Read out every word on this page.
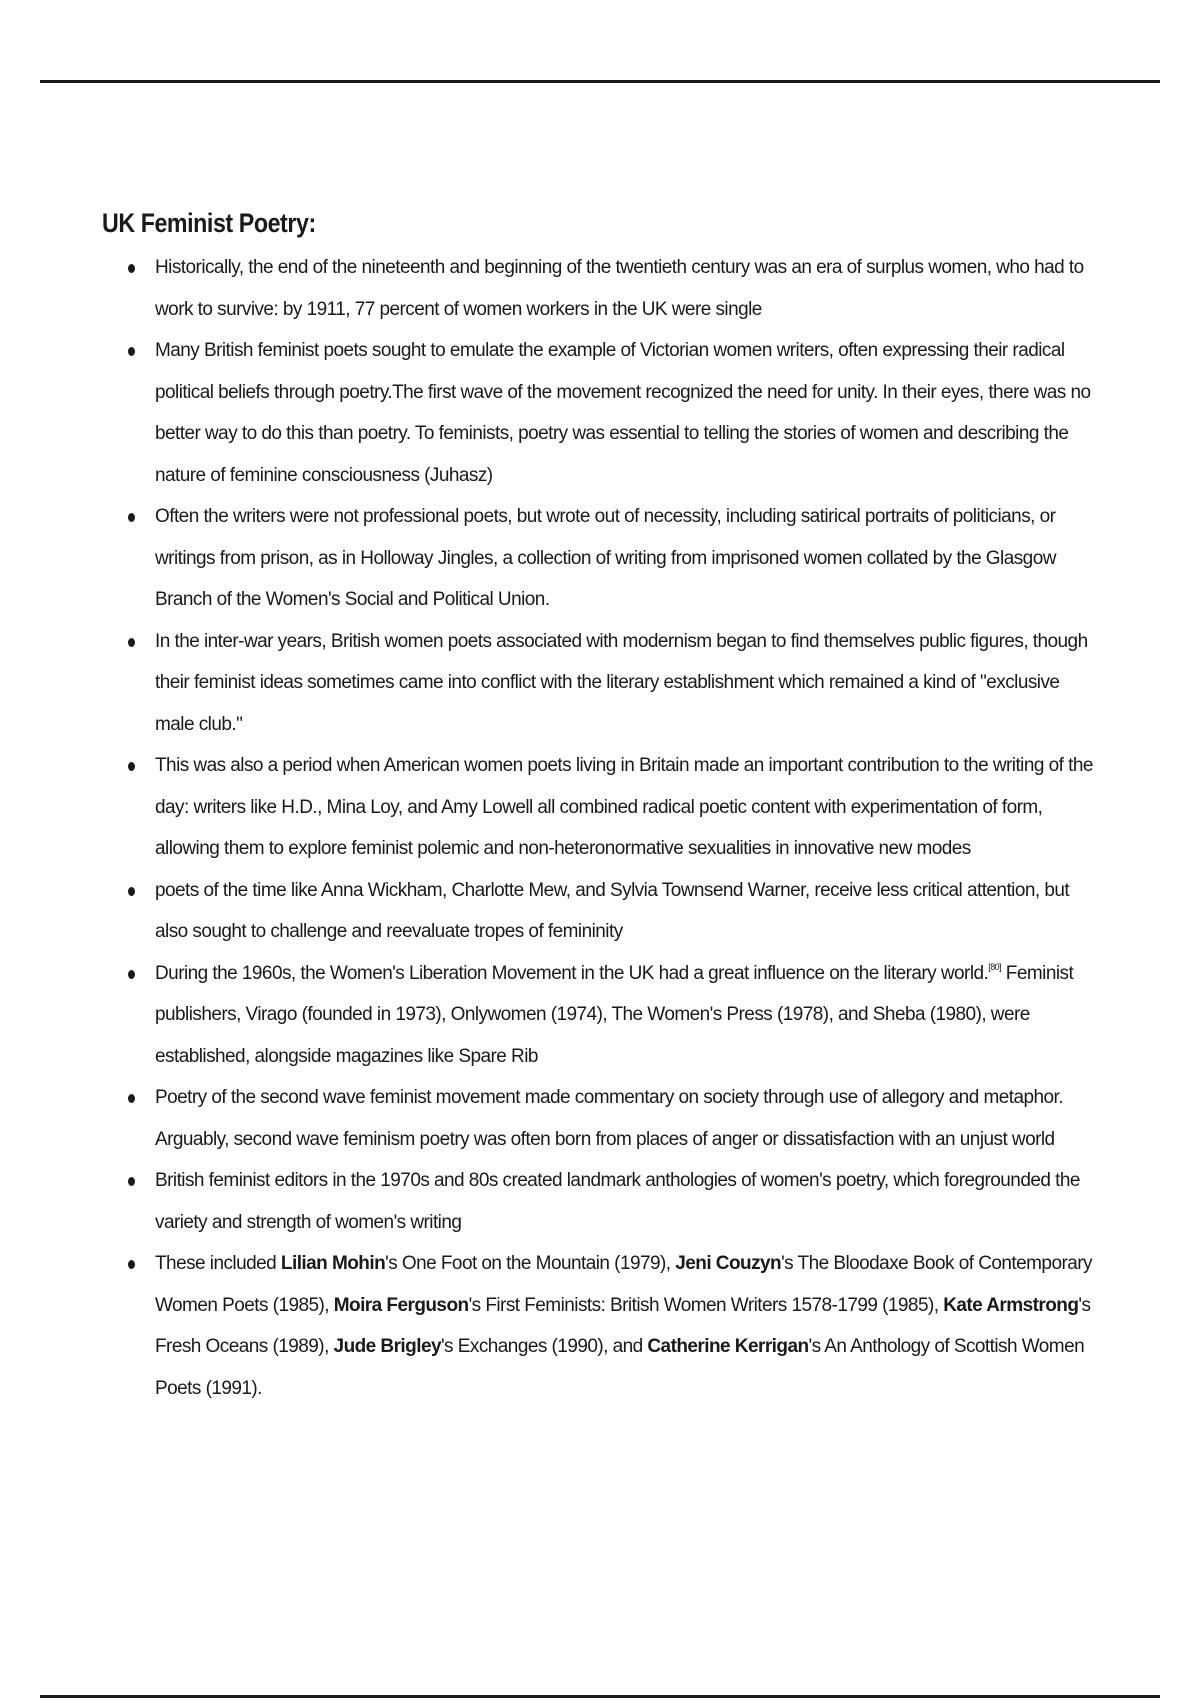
UK Feminist Poetry:
Historically, the end of the nineteenth and beginning of the twentieth century was an era of surplus women, who had to work to survive: by 1911, 77 percent of women workers in the UK were single
Many British feminist poets sought to emulate the example of Victorian women writers, often expressing their radical political beliefs through poetry.The first wave of the movement recognized the need for unity. In their eyes, there was no better way to do this than poetry. To feminists, poetry was essential to telling the stories of women and describing the nature of feminine consciousness (Juhasz)
Often the writers were not professional poets, but wrote out of necessity, including satirical portraits of politicians, or writings from prison, as in Holloway Jingles, a collection of writing from imprisoned women collated by the Glasgow Branch of the Women's Social and Political Union.
In the inter-war years, British women poets associated with modernism began to find themselves public figures, though their feminist ideas sometimes came into conflict with the literary establishment which remained a kind of "exclusive male club."
This was also a period when American women poets living in Britain made an important contribution to the writing of the day: writers like H.D., Mina Loy, and Amy Lowell all combined radical poetic content with experimentation of form, allowing them to explore feminist polemic and non-heteronormative sexualities in innovative new modes
poets of the time like Anna Wickham, Charlotte Mew, and Sylvia Townsend Warner, receive less critical attention, but also sought to challenge and reevaluate tropes of femininity
During the 1960s, the Women's Liberation Movement in the UK had a great influence on the literary world.[80] Feminist publishers, Virago (founded in 1973), Onlywomen (1974), The Women's Press (1978), and Sheba (1980), were established, alongside magazines like Spare Rib
Poetry of the second wave feminist movement made commentary on society through use of allegory and metaphor. Arguably, second wave feminism poetry was often born from places of anger or dissatisfaction with an unjust world
British feminist editors in the 1970s and 80s created landmark anthologies of women's poetry, which foregrounded the variety and strength of women's writing
These included Lilian Mohin's One Foot on the Mountain (1979), Jeni Couzyn's The Bloodaxe Book of Contemporary Women Poets (1985), Moira Ferguson's First Feminists: British Women Writers 1578-1799 (1985), Kate Armstrong's Fresh Oceans (1989), Jude Brigley's Exchanges (1990), and Catherine Kerrigan's An Anthology of Scottish Women Poets (1991).
